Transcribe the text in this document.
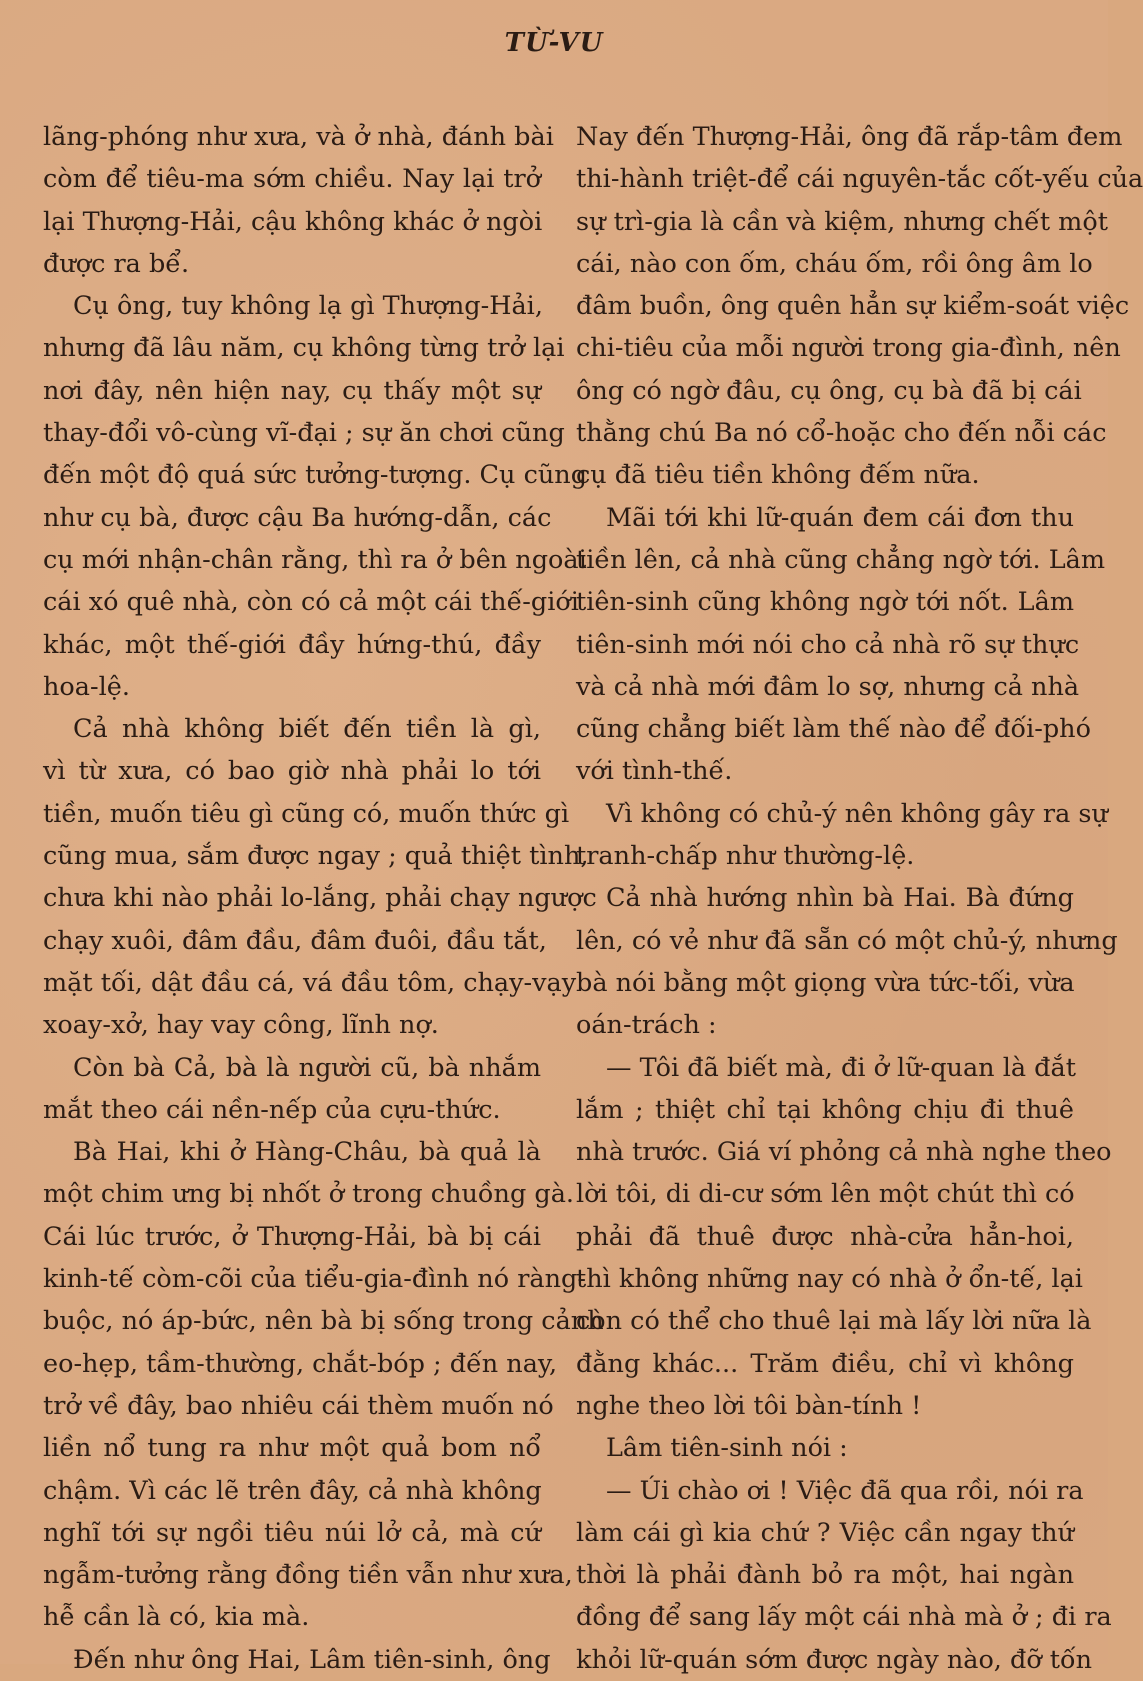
TỪ-VU
lãng-phóng như xưa, và ở nhà, đánh bài
còm để tiêu-ma sớm chiều. Nay lại trở
lại Thượng-Hải, cậu không khác ở ngòi
được ra bể.
Cụ ông, tuy không lạ gì Thượng-Hải,
nhưng đã lâu năm, cụ không từng trở lại
nơi đây, nên hiện nay, cụ thấy một sự
thay-đổi vô-cùng vĩ-đại ; sự ăn chơi cũng
đến một độ quá sức tưởng-tượng. Cụ cũng
như cụ bà, được cậu Ba hướng-dẫn, các
cụ mới nhận-chân rằng, thì ra ở bên ngoài
cái xó quê nhà, còn có cả một cái thế-giới
khác, một thế-giới đầy hứng-thú, đầy
hoa-lệ.
Cả nhà không biết đến tiền là gì,
vì từ xưa, có bao giờ nhà phải lo tới
tiền, muốn tiêu gì cũng có, muốn thức gì
cũng mua, sắm được ngay ; quả thiệt tình,
chưa khi nào phải lo-lắng, phải chạy ngược
chạy xuôi, đâm đầu, đâm đuôi, đầu tắt,
mặt tối, dật đầu cá, vá đầu tôm, chạy-vạy
xoay-xở, hay vay công, lĩnh nợ.
Còn bà Cả, bà là người cũ, bà nhắm
mắt theo cái nền-nếp của cựu-thức.
Bà Hai, khi ở Hàng-Châu, bà quả là
một chim ưng bị nhốt ở trong chuồng gà.
Cái lúc trước, ở Thượng-Hải, bà bị cái
kinh-tế còm-cõi của tiểu-gia-đình nó ràng-
buộc, nó áp-bức, nên bà bị sống trong cảnh
eo-hẹp, tầm-thường, chắt-bóp ; đến nay,
trở về đây, bao nhiêu cái thèm muốn nó
liền nổ tung ra như một quả bom nổ
chậm. Vì các lẽ trên đây, cả nhà không
nghĩ tới sự ngồi tiêu núi lở cả, mà cứ
ngẫm-tưởng rằng đồng tiền vẫn như xưa,
hễ cần là có, kia mà.
Đến như ông Hai, Lâm tiên-sinh, ông
Nay đến Thượng-Hải, ông đã rắp-tâm đem
thi-hành triệt-để cái nguyên-tắc cốt-yếu của
sự trì-gia là cần và kiệm, nhưng chết một
cái, nào con ốm, cháu ốm, rồi ông âm lo
đâm buồn, ông quên hẳn sự kiểm-soát việc
chi-tiêu của mỗi người trong gia-đình, nên
ông có ngờ đâu, cụ ông, cụ bà đã bị cái
thằng chú Ba nó cổ-hoặc cho đến nỗi các
cụ đã tiêu tiền không đếm nữa.
Mãi tới khi lữ-quán đem cái đơn thu
tiền lên, cả nhà cũng chẳng ngờ tới. Lâm
tiên-sinh cũng không ngờ tới nốt. Lâm
tiên-sinh mới nói cho cả nhà rõ sự thực
và cả nhà mới đâm lo sợ, nhưng cả nhà
cũng chẳng biết làm thế nào để đối-phó
với tình-thế.
Vì không có chủ-ý nên không gây ra sự
tranh-chấp như thường-lệ.
Cả nhà hướng nhìn bà Hai. Bà đứng
lên, có vẻ như đã sẵn có một chủ-ý, nhưng
bà nói bằng một giọng vừa tức-tối, vừa
oán-trách :
— Tôi đã biết mà, đi ở lữ-quan là đắt
lắm ; thiệt chỉ tại không chịu đi thuê
nhà trước. Giá ví phỏng cả nhà nghe theo
lời tôi, di di-cư sớm lên một chút thì có
phải đã thuê được nhà-cửa hẳn-hoi,
thì không những nay có nhà ở ổn-tế, lại
còn có thể cho thuê lại mà lấy lời nữa là
đằng khác... Trăm điều, chỉ vì không
nghe theo lời tôi bàn-tính !
Lâm tiên-sinh nói :
— Úi chào ơi ! Việc đã qua rồi, nói ra
làm cái gì kia chứ ? Việc cần ngay thứ
thời là phải đành bỏ ra một, hai ngàn
đồng để sang lấy một cái nhà mà ở ; đi ra
khỏi lữ-quán sớm được ngày nào, đỡ tốn
